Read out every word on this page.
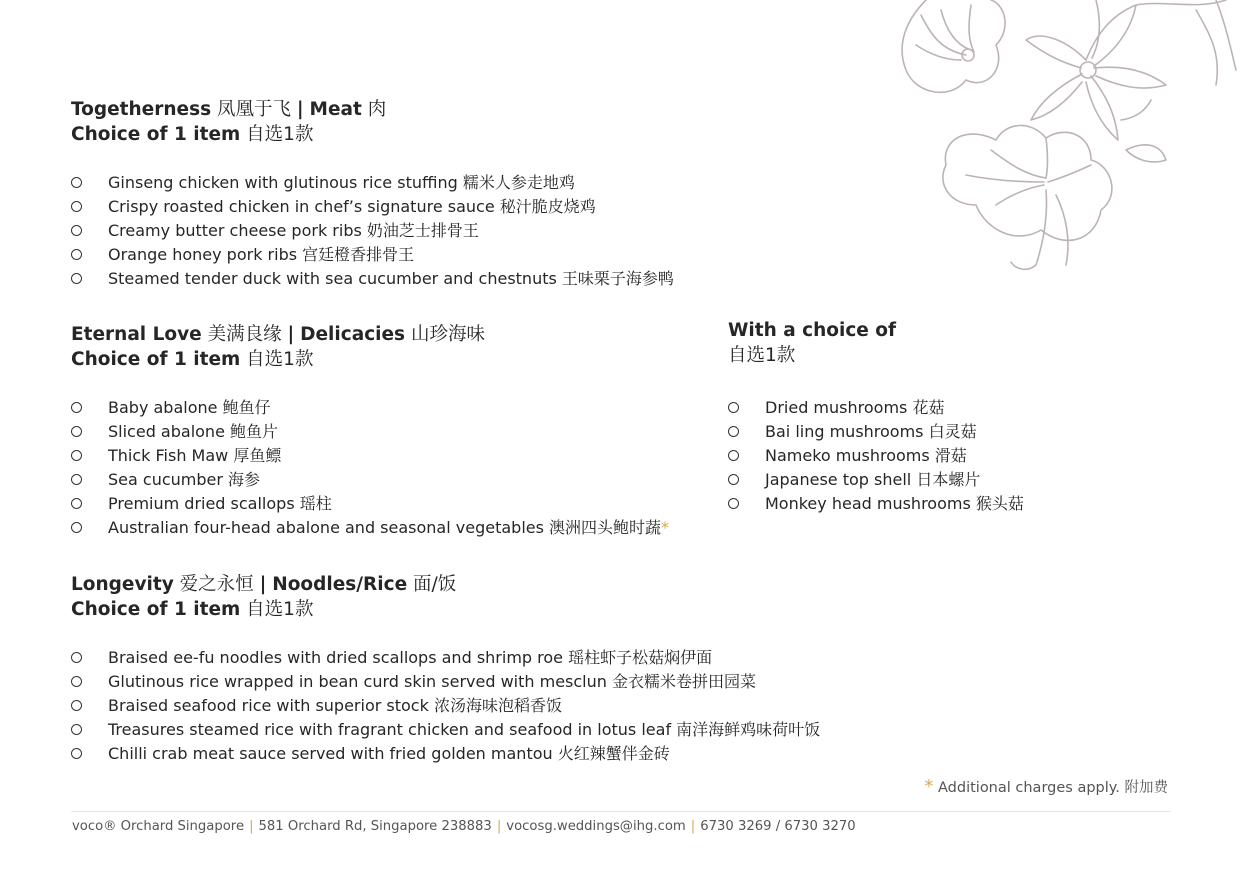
Togetherness 凤凰于飞 | Meat 肉
Choice of 1 item 自选1款
Ginseng chicken with glutinous rice stuffing 糯米人参走地鸡
Crispy roasted chicken in chef’s signature sauce 秘汁脆皮烧鸡
Creamy butter cheese pork ribs 奶油芝士排骨王
Orange honey pork ribs 宫廷橙香排骨王
Steamed tender duck with sea cucumber and chestnuts 王味栗子海参鸭
Eternal Love 美满良缘 | Delicacies 山珍海味
Choice of 1 item 自选1款
Baby abalone 鲍鱼仔
Sliced abalone 鲍鱼片
Thick Fish Maw 厚鱼鳔
Sea cucumber 海参
Premium dried scallops 瑶柱
Australian four-head abalone and seasonal vegetables 澳洲四头鲍时蔬*
With a choice of
自选1款
Dried mushrooms 花菇
Bai ling mushrooms 白灵菇
Nameko mushrooms 滑菇
Japanese top shell 日本螺片
Monkey head mushrooms 猴头菇
Longevity 爱之永恒 | Noodles/Rice 面/饭
Choice of 1 item 自选1款
Braised ee-fu noodles with dried scallops and shrimp roe 瑶柱虾子松菇焖伊面
Glutinous rice wrapped in bean curd skin served with mesclun 金衣糯米卷拼田园菜
Braised seafood rice with superior stock 浓汤海味泡稻香饭
Treasures steamed rice with fragrant chicken and seafood in lotus leaf 南洋海鲜鸡味荷叶饭
Chilli crab meat sauce served with fried golden mantou 火红辣蟹伴金砖
* Additional charges apply. 附加费
voco® Orchard Singapore | 581 Orchard Rd, Singapore 238883 | vocosg.weddings@ihg.com | 6730 3269 / 6730 3270
